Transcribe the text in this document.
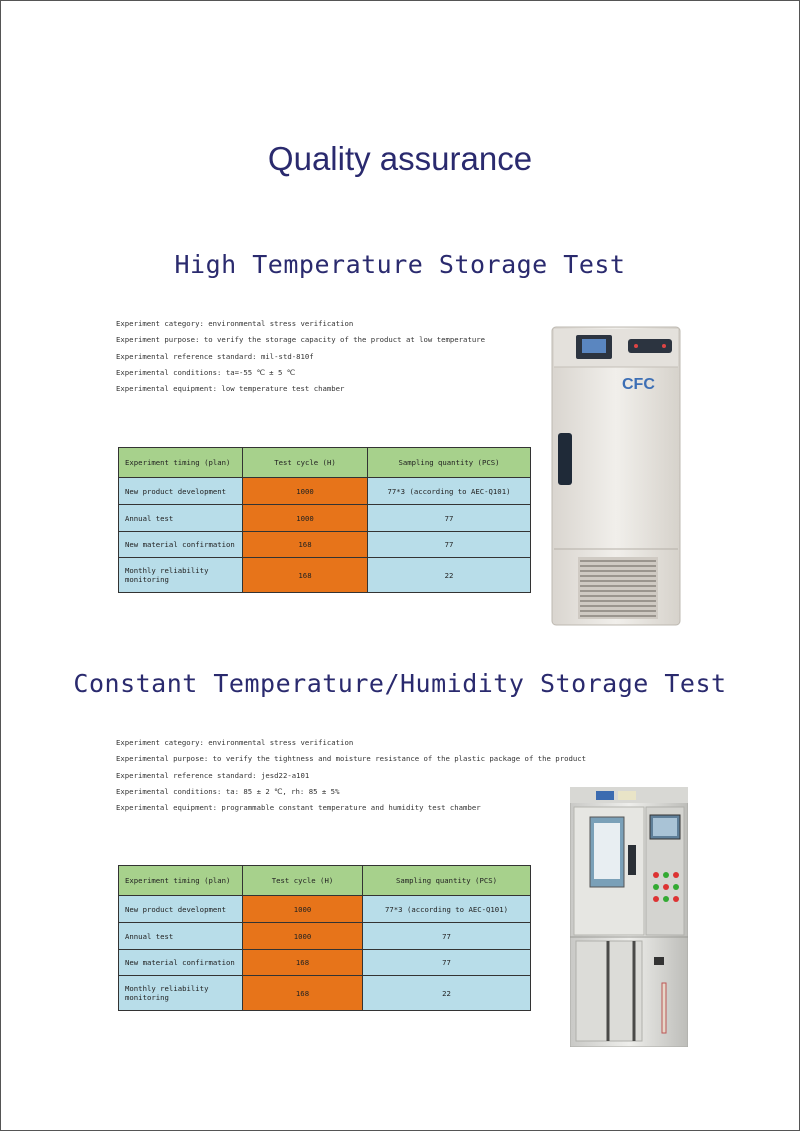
Quality assurance
High Temperature Storage Test
Experiment category: environmental stress verification
Experiment purpose: to verify the storage capacity of the product at low temperature
Experimental reference standard: mil-std-810f
Experimental conditions: ta=-55 ℃ ± 5 ℃
Experimental equipment: low temperature test chamber
Experiment timing (plan)	Test cycle (H)	Sampling quantity (PCS)
New product development	1000	77*3 (according to AEC-Q101)
Annual test	1000	77
New material confirmation	168	77
Monthly reliability monitoring	168	22
CFC
Constant Temperature/Humidity Storage Test
Experiment category: environmental stress verification
Experimental purpose: to verify the tightness and moisture resistance of the plastic package of the product
Experimental reference standard: jesd22-a101
Experimental conditions: ta: 85 ± 2 ℃, rh: 85 ± 5%
Experimental equipment: programmable constant temperature and humidity test chamber
Experiment timing (plan)	Test cycle (H)	Sampling quantity (PCS)
New product development	1000	77*3 (according to AEC-Q101)
Annual test	1000	77
New material confirmation	168	77
Monthly reliability monitoring	168	22
